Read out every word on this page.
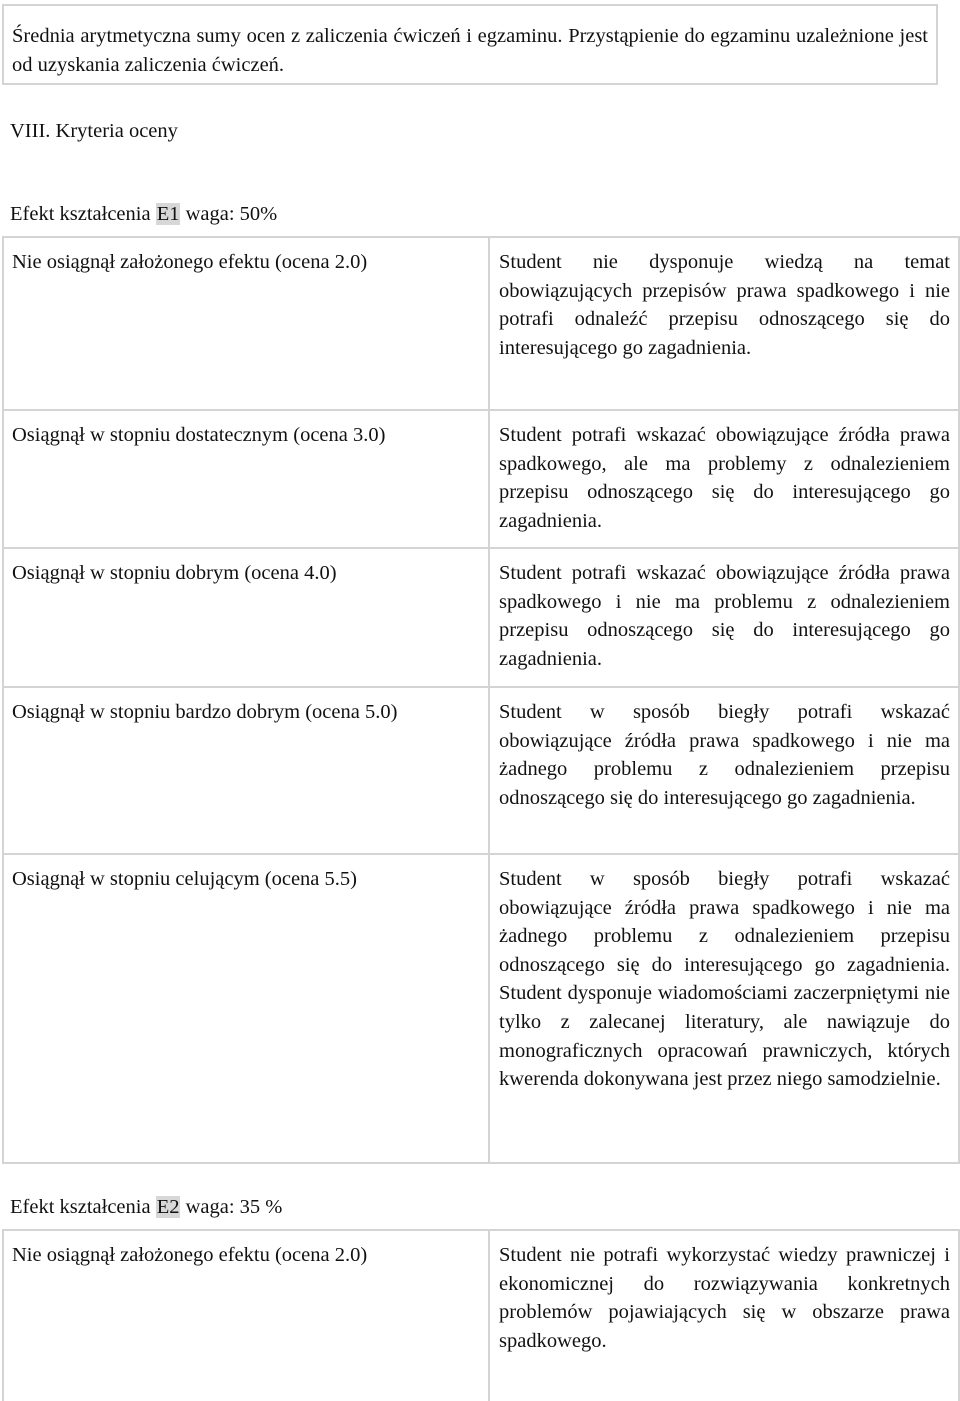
Średnia arytmetyczna sumy ocen z zaliczenia ćwiczeń i egzaminu. Przystąpienie do egzaminu uzależnione jest od uzyskania zaliczenia ćwiczeń.
VIII. Kryteria oceny
Efekt kształcenia E1 waga: 50%
Nie osiągnął założonego efektu (ocena 2.0)	Student nie dysponuje wiedzą na temat obowiązujących przepisów prawa spadkowego i nie potrafi odnaleźć przepisu odnoszącego się do interesującego go zagadnienia.
Osiągnął w stopniu dostatecznym (ocena 3.0)	Student potrafi wskazać obowiązujące źródła prawa spadkowego, ale ma problemy z odnalezieniem przepisu odnoszącego się do interesującego go zagadnienia.
Osiągnął w stopniu dobrym (ocena 4.0)	Student potrafi wskazać obowiązujące źródła prawa spadkowego i nie ma problemu z odnalezieniem przepisu odnoszącego się do interesującego go zagadnienia.
Osiągnął w stopniu bardzo dobrym (ocena 5.0)	Student w sposób biegły potrafi wskazać obowiązujące źródła prawa spadkowego i nie ma żadnego problemu z odnalezieniem przepisu odnoszącego się do interesującego go zagadnienia.
Osiągnął w stopniu celującym (ocena 5.5)	Student w sposób biegły potrafi wskazać obowiązujące źródła prawa spadkowego i nie ma żadnego problemu z odnalezieniem przepisu odnoszącego się do interesującego go zagadnienia. Student dysponuje wiadomościami zaczerpniętymi nie tylko z zalecanej literatury, ale nawiązuje do monograficznych opracowań prawniczych, których kwerenda dokonywana jest przez niego samodzielnie.
Efekt kształcenia E2 waga: 35 %
Nie osiągnął założonego efektu (ocena 2.0)	Student nie potrafi wykorzystać wiedzy prawniczej i ekonomicznej do rozwiązywania konkretnych problemów pojawiających się w obszarze prawa spadkowego.
